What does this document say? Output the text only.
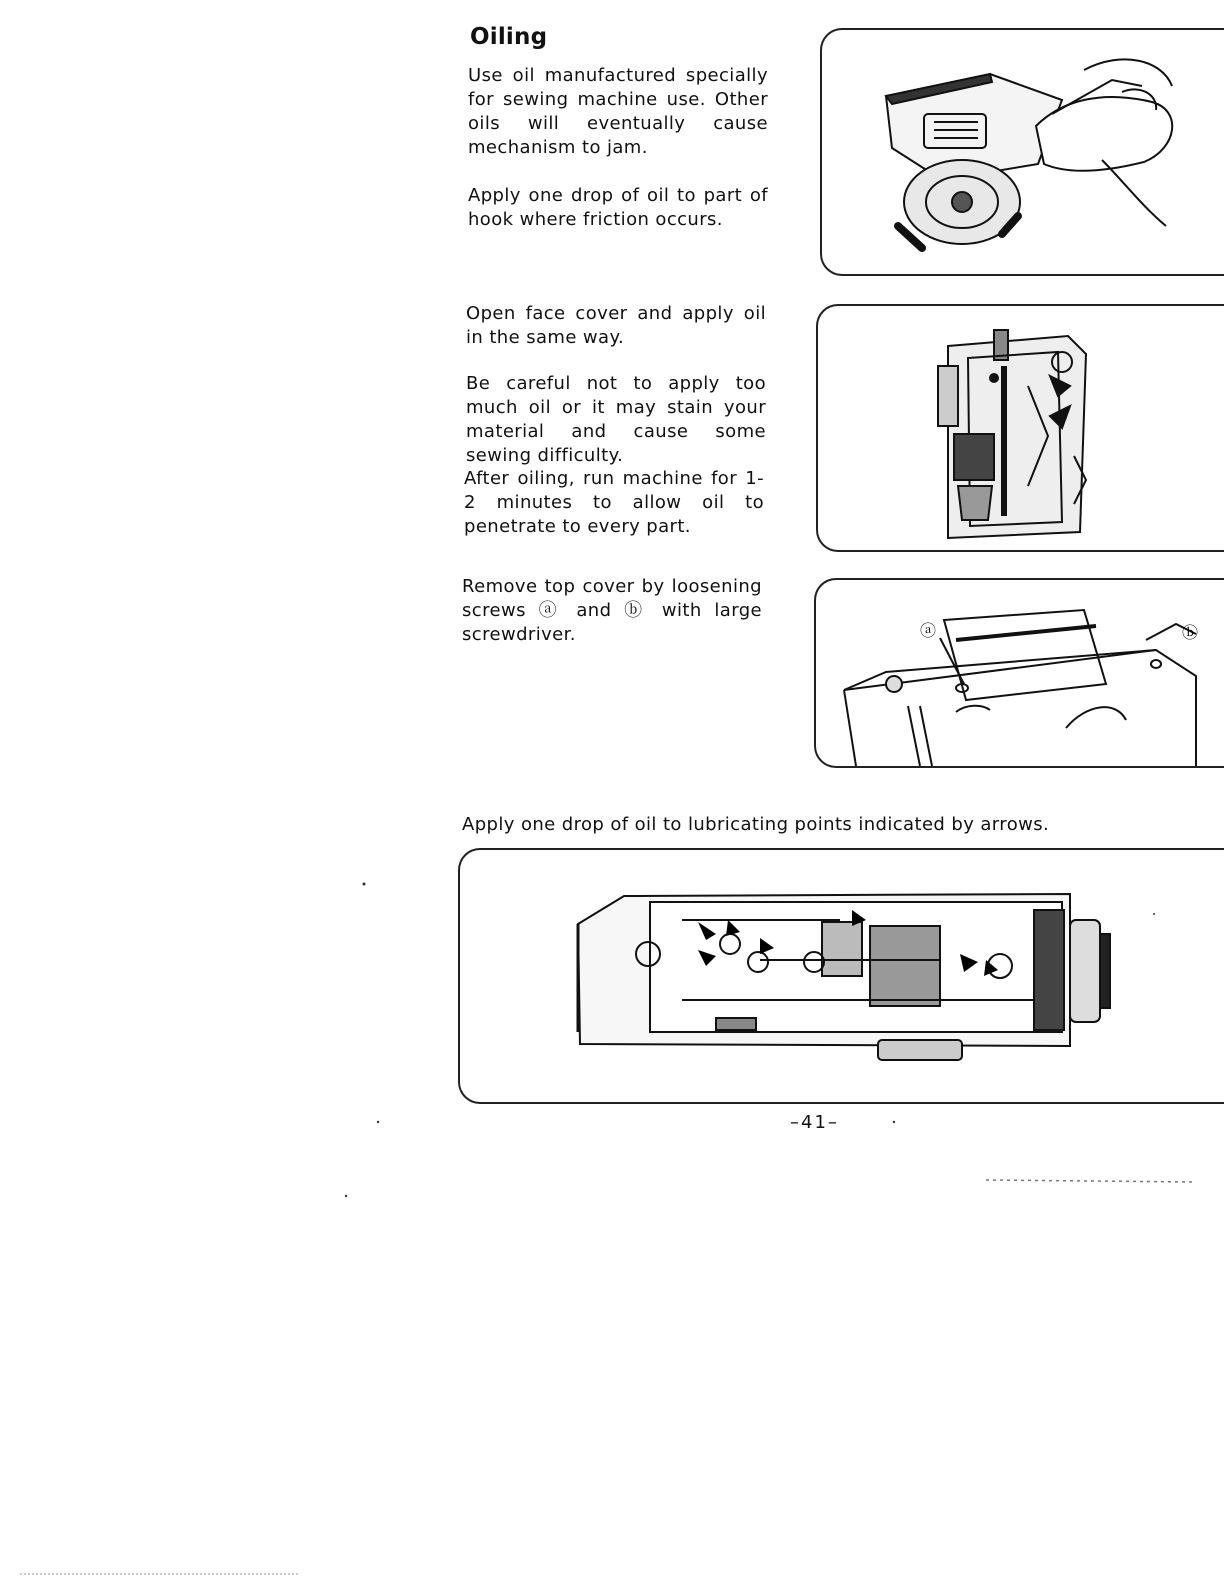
Oiling
Use oil manufactured specially for sewing machine use. Other oils will eventually cause mechanism to jam.
Apply one drop of oil to part of hook where friction occurs.
Open face cover and apply oil in the same way.
Be careful not to apply too much oil or it may stain your material and cause some sewing difficulty.
After oiling, run machine for 1-2 minutes to allow oil to penetrate to every part.
Remove top cover by loosening screws ⓐ and ⓑ with large screwdriver.
Apply one drop of oil to lubricating points indicated by arrows.
ⓐ	ⓑ
–41–
